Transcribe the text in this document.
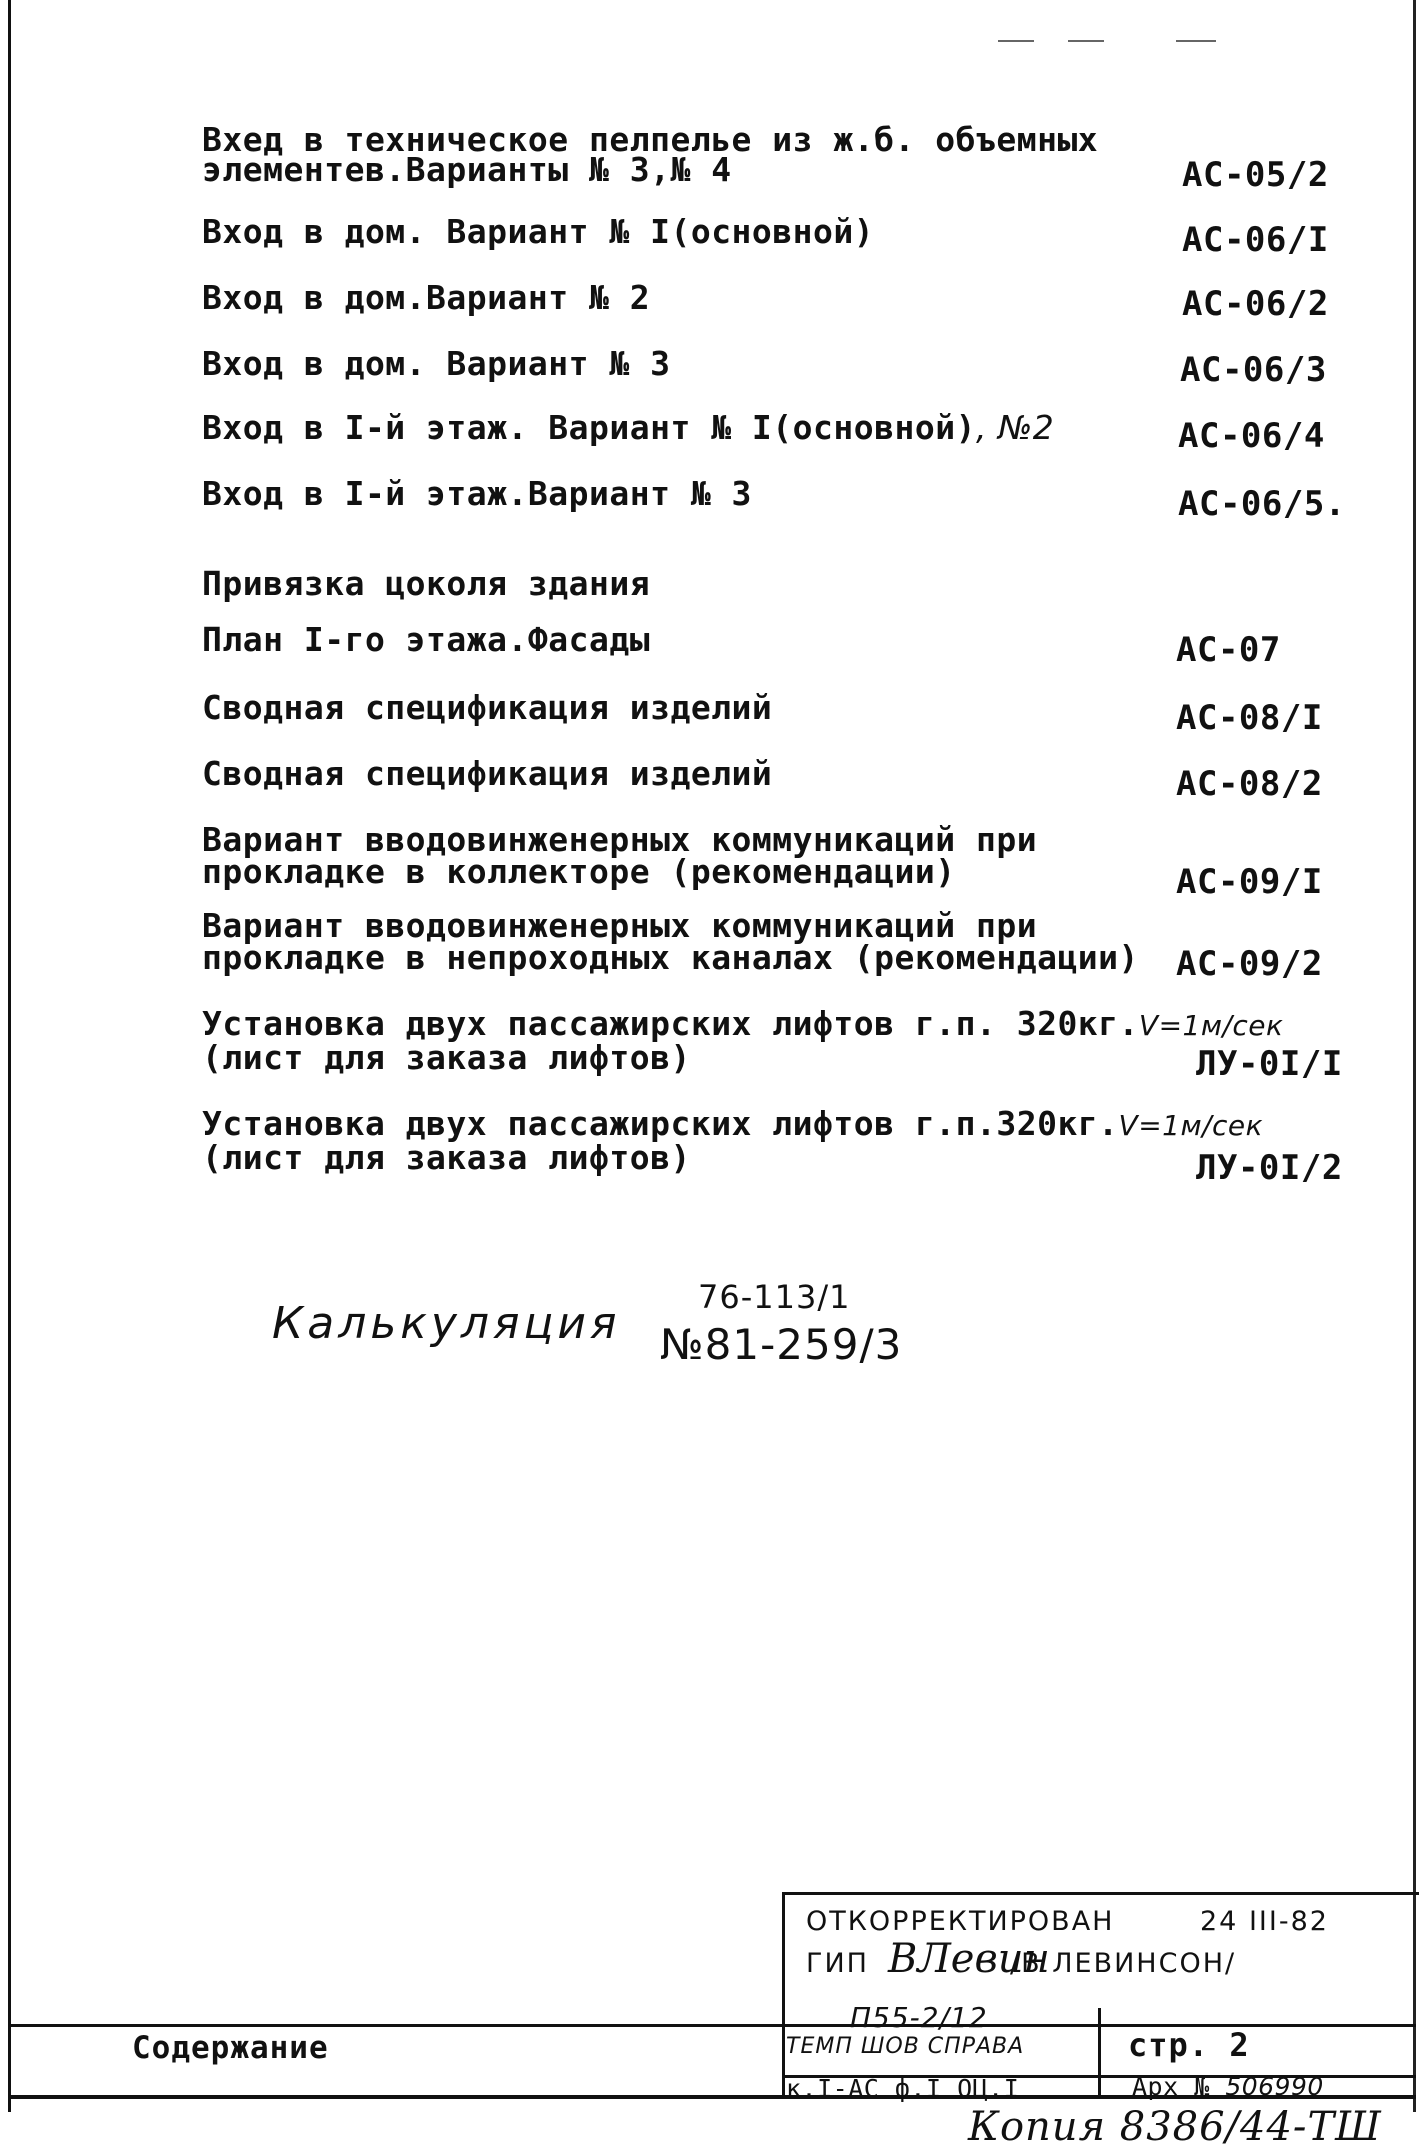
Вхед в техническое пелпелье из ж.б. объемных
элементев.Варианты № 3,№ 4	АС-05/2
Вход в дом. Вариант № I(основной)	АС-06/I
Вход в дом.Вариант № 2	АС-06/2
Вход в дом. Вариант № 3	АС-06/3
Вход в I-й этаж. Вариант № I(основной), №2	АС-06/4
Вход в I-й этаж.Вариант № 3	АС-06/5.
Привязка цоколя здания
План I-го этажа.Фасады	АС-07
Сводная спецификация изделий	АС-08/I
Сводная спецификация изделий	АС-08/2
Вариант вводовинженерных коммуникаций при
прокладке в коллекторе (рекомендации)	АС-09/I
Вариант вводовинженерных коммуникаций при
прокладке в непроходных каналах (рекомендации)	АС-09/2
Установка двух пассажирских лифтов г.п. 320кг.V=1м/сек
(лист для заказа лифтов)	ЛУ-0I/I
Установка двух пассажирских лифтов г.п.320кг.V=1м/сек
(лист для заказа лифтов)	ЛУ-0I/2
Калькуляция
76-113/1
№81-259/3
ОТКОРРЕКТИРОВАН	24 III-82
ГИП ВЛевин
/В ЛЕВИНСОН/
Содержание
П55-2/12
ТЕМП ШОВ СПРАВА	стр. 2
к.I-АС ф.I ОЦ.I	Арх № 506990
Копия 8386/44-ТШ
